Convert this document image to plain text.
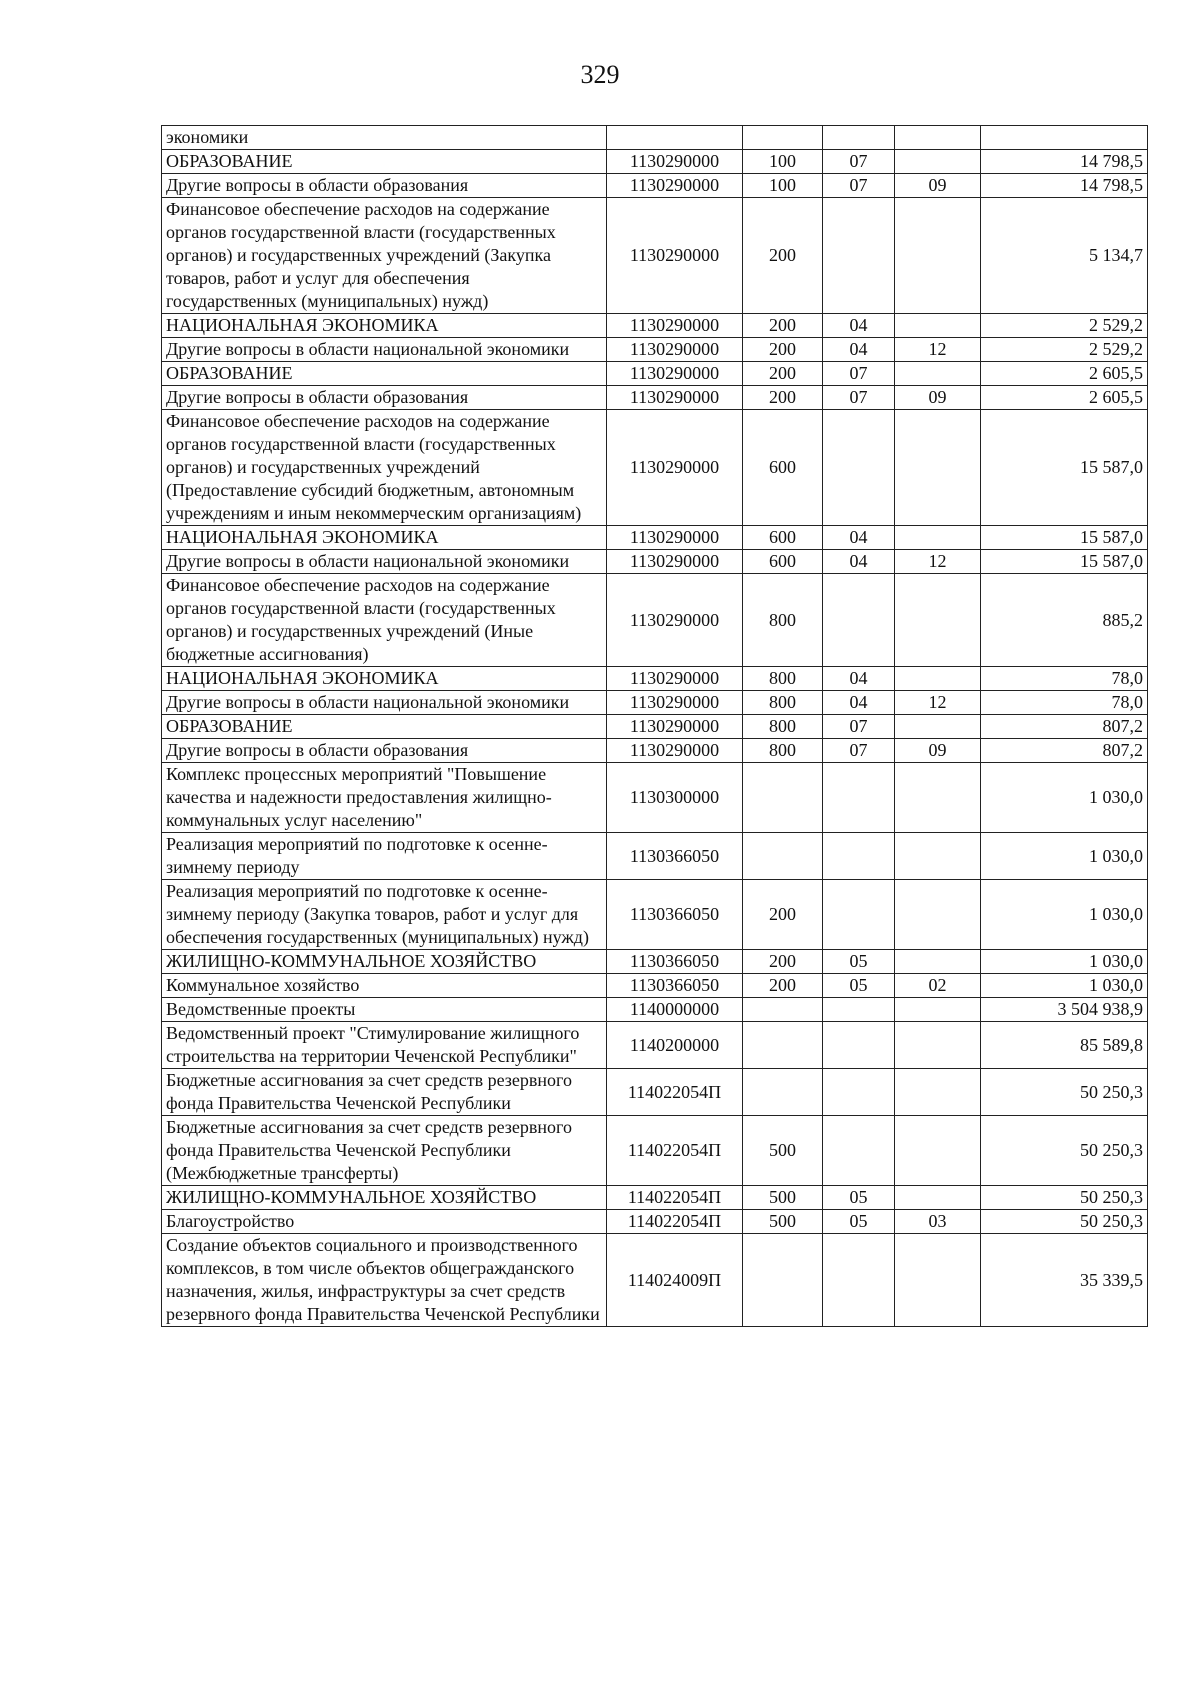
329
экономики					
ОБРАЗОВАНИЕ	1130290000	100	07		14 798,5
Другие вопросы в области образования	1130290000	100	07	09	14 798,5
Финансовое обеспечение расходов на содержание органов государственной власти (государственных органов) и государственных учреждений (Закупка товаров, работ и услуг для обеспечения государственных (муниципальных) нужд)	1130290000	200			5 134,7
НАЦИОНАЛЬНАЯ ЭКОНОМИКА	1130290000	200	04		2 529,2
Другие вопросы в области национальной экономики	1130290000	200	04	12	2 529,2
ОБРАЗОВАНИЕ	1130290000	200	07		2 605,5
Другие вопросы в области образования	1130290000	200	07	09	2 605,5
Финансовое обеспечение расходов на содержание органов государственной власти (государственных органов) и государственных учреждений (Предоставление субсидий бюджетным, автономным учреждениям и иным некоммерческим организациям)	1130290000	600			15 587,0
НАЦИОНАЛЬНАЯ ЭКОНОМИКА	1130290000	600	04		15 587,0
Другие вопросы в области национальной экономики	1130290000	600	04	12	15 587,0
Финансовое обеспечение расходов на содержание органов государственной власти (государственных органов) и государственных учреждений (Иные бюджетные ассигнования)	1130290000	800			885,2
НАЦИОНАЛЬНАЯ ЭКОНОМИКА	1130290000	800	04		78,0
Другие вопросы в области национальной экономики	1130290000	800	04	12	78,0
ОБРАЗОВАНИЕ	1130290000	800	07		807,2
Другие вопросы в области образования	1130290000	800	07	09	807,2
Комплекс процессных мероприятий "Повышение качества и надежности предоставления жилищно-коммунальных услуг населению"	1130300000				1 030,0
Реализация мероприятий по подготовке к осенне-зимнему периоду	1130366050				1 030,0
Реализация мероприятий по подготовке к осенне-зимнему периоду (Закупка товаров, работ и услуг для обеспечения государственных (муниципальных) нужд)	1130366050	200			1 030,0
ЖИЛИЩНО-КОММУНАЛЬНОЕ ХОЗЯЙСТВО	1130366050	200	05		1 030,0
Коммунальное хозяйство	1130366050	200	05	02	1 030,0
Ведомственные проекты	1140000000				3 504 938,9
Ведомственный проект "Стимулирование жилищного строительства на территории Чеченской Республики"	1140200000				85 589,8
Бюджетные ассигнования за счет средств резервного фонда Правительства Чеченской Республики	114022054П				50 250,3
Бюджетные ассигнования за счет средств резервного фонда Правительства Чеченской Республики (Межбюджетные трансферты)	114022054П	500			50 250,3
ЖИЛИЩНО-КОММУНАЛЬНОЕ ХОЗЯЙСТВО	114022054П	500	05		50 250,3
Благоустройство	114022054П	500	05	03	50 250,3
Создание объектов социального и производственного комплексов, в том числе объектов общегражданского назначения, жилья, инфраструктуры за счет средств резервного фонда Правительства Чеченской Республики	114024009П				35 339,5
